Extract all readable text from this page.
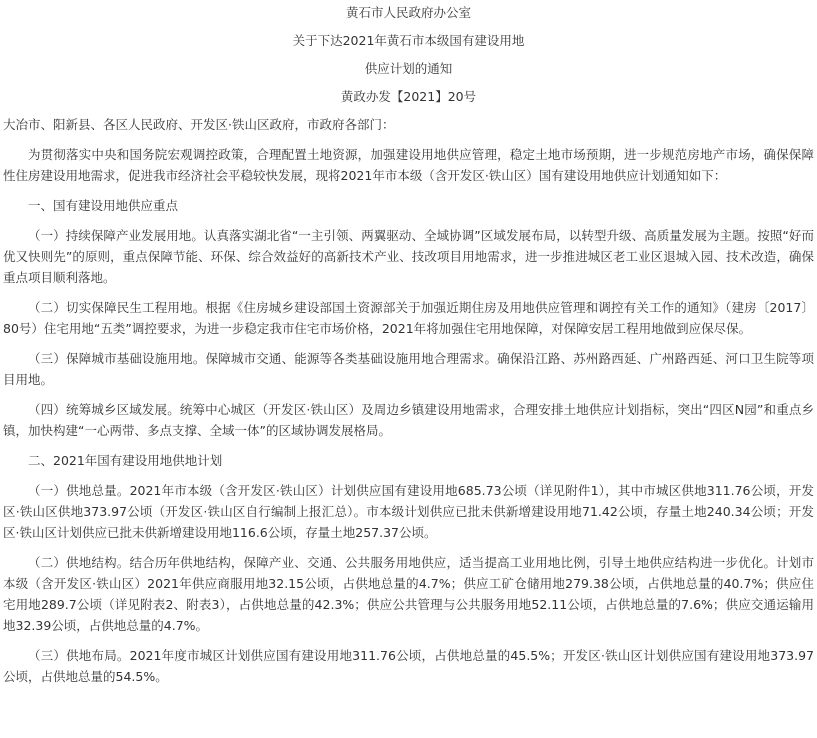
黄石市人民政府办公室
关于下达2021年黄石市本级国有建设用地
供应计划的通知
黄政办发【2021】20号
大冶市、阳新县、各区人民政府、开发区·铁山区政府，市政府各部门：

为贯彻落实中央和国务院宏观调控政策，合理配置土地资源，加强建设用地供应管理，稳定土地市场预期，进一步规范房地产市场，确保保障性住房建设用地需求，促进我市经济社会平稳较快发展，现将2021年市本级（含开发区·铁山区）国有建设用地供应计划通知如下：

一、国有建设用地供应重点

（一）持续保障产业发展用地。认真落实湖北省“一主引领、两翼驱动、全域协调”区域发展布局，以转型升级、高质量发展为主题。按照“好而优又快则先”的原则，重点保障节能、环保、综合效益好的高新技术产业、技改项目用地需求，进一步推进城区老工业区退城入园、技术改造，确保重点项目顺利落地。

（二）切实保障民生工程用地。根据《住房城乡建设部国土资源部关于加强近期住房及用地供应管理和调控有关工作的通知》（建房〔2017〕80号）住宅用地“五类”调控要求，为进一步稳定我市住宅市场价格，2021年将加强住宅用地保障，对保障安居工程用地做到应保尽保。

（三）保障城市基础设施用地。保障城市交通、能源等各类基础设施用地合理需求。确保沿江路、苏州路西延、广州路西延、河口卫生院等项目用地。

（四）统筹城乡区域发展。统筹中心城区（开发区·铁山区）及周边乡镇建设用地需求，合理安排土地供应计划指标，突出“四区N园”和重点乡镇，加快构建“一心两带、多点支撑、全域一体”的区域协调发展格局。

二、2021年国有建设用地供地计划

（一）供地总量。2021年市本级（含开发区·铁山区）计划供应国有建设用地685.73公顷（详见附件1），其中市城区供地311.76公顷，开发区·铁山区供地373.97公顷（开发区·铁山区自行编制上报汇总）。市本级计划供应已批未供新增建设用地71.42公顷，存量土地240.34公顷；开发区·铁山区计划供应已批未供新增建设用地116.6公顷，存量土地257.37公顷。

（二）供地结构。结合历年供地结构，保障产业、交通、公共服务用地供应，适当提高工业用地比例，引导土地供应结构进一步优化。计划市本级（含开发区·铁山区）2021年供应商服用地32.15公顷，占供地总量的4.7%；供应工矿仓储用地279.38公顷，占供地总量的40.7%；供应住宅用地289.7公顷（详见附表2、附表3），占供地总量的42.3%；供应公共管理与公共服务用地52.11公顷，占供地总量的7.6%；供应交通运输用地32.39公顷，占供地总量的4.7%。

（三）供地布局。2021年度市城区计划供应国有建设用地311.76公顷，占供地总量的45.5%；开发区·铁山区计划供应国有建设用地373.97公顷，占供地总量的54.5%。
